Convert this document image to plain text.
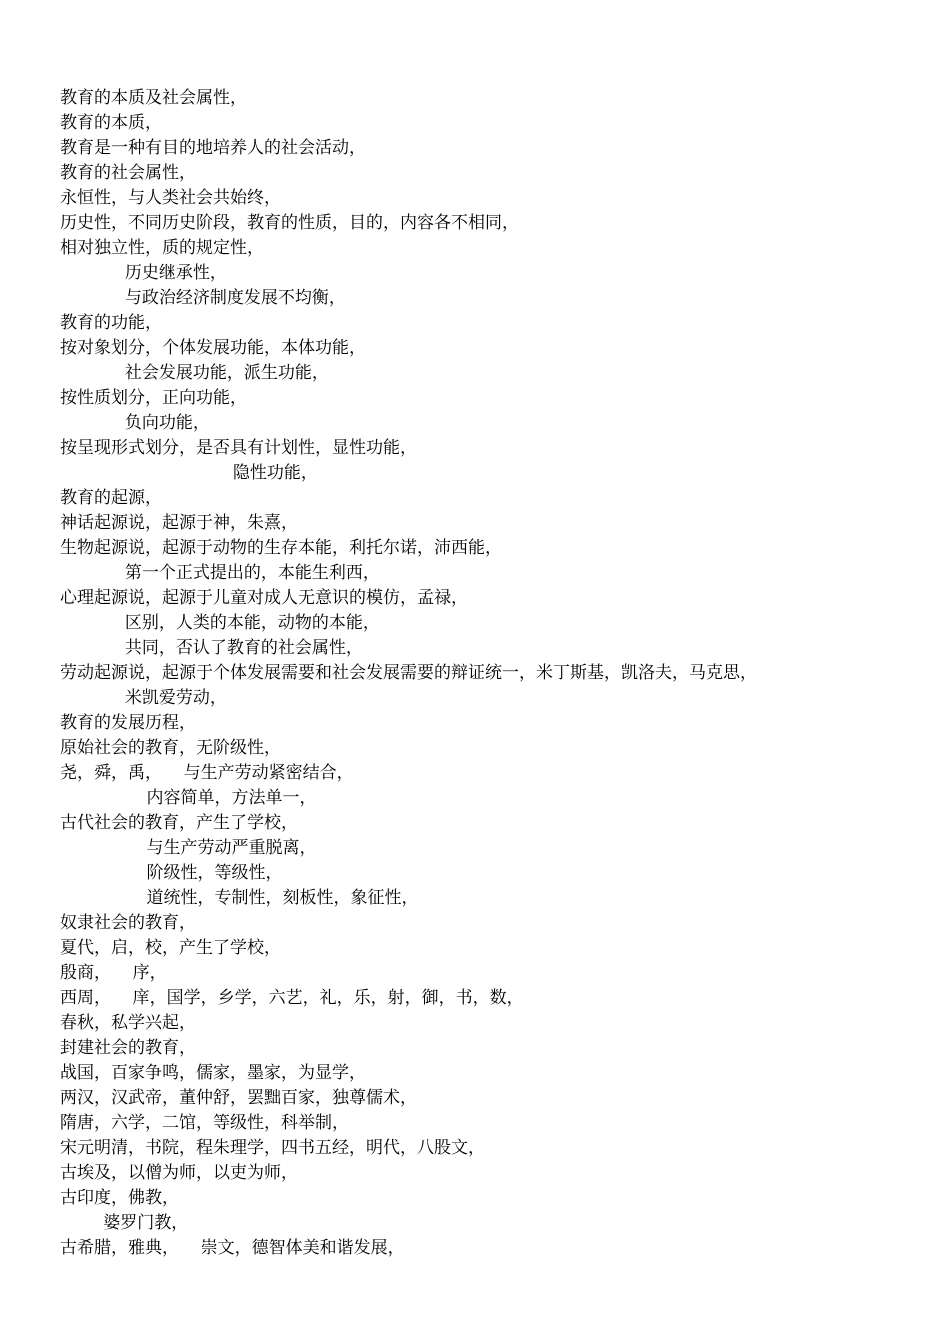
教育的本质及社会属性，
教育的本质，
教育是一种有目的地培养人的社会活动，
教育的社会属性，
永恒性，与人类社会共始终，
历史性，不同历史阶段，教育的性质，目的，内容各不相同，
相对独立性，质的规定性，
历史继承性，
与政治经济制度发展不均衡，
教育的功能，
按对象划分，个体发展功能，本体功能，
社会发展功能，派生功能，
按性质划分，正向功能，
负向功能，
按呈现形式划分，是否具有计划性，显性功能，
隐性功能，
教育的起源，
神话起源说，起源于神，朱熹，
生物起源说，起源于动物的生存本能，利托尔诺，沛西能，
第一个正式提出的，本能生利西，
心理起源说，起源于儿童对成人无意识的模仿，孟禄，
区别，人类的本能，动物的本能，
共同，否认了教育的社会属性，
劳动起源说，起源于个体发展需要和社会发展需要的辩证统一，米丁斯基，凯洛夫，马克思，
米凯爱劳动，
教育的发展历程，
原始社会的教育，无阶级性，
尧，舜，禹，    与生产劳动紧密结合，
内容简单，方法单一，
古代社会的教育，产生了学校，
与生产劳动严重脱离，
阶级性，等级性，
道统性，专制性，刻板性，象征性，
奴隶社会的教育，
夏代，启，校，产生了学校，
殷商，    序，
西周，    庠，国学，乡学，六艺，礼，乐，射，御，书，数，
春秋，私学兴起，
封建社会的教育，
战国，百家争鸣，儒家，墨家，为显学，
两汉，汉武帝，董仲舒，罢黜百家，独尊儒术，
隋唐，六学，二馆，等级性，科举制，
宋元明清，书院，程朱理学，四书五经，明代，八股文，
古埃及，以僧为师，以吏为师，
古印度，佛教，
婆罗门教，
古希腊，雅典，    崇文，德智体美和谐发展，
